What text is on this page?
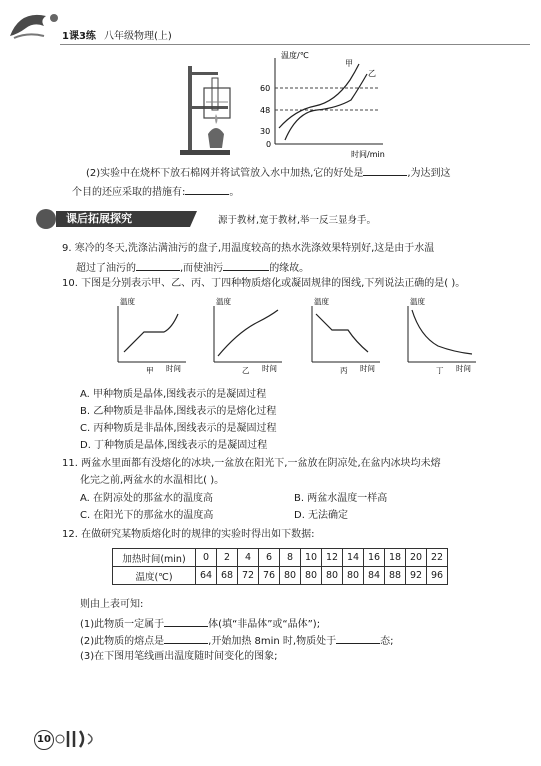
1课3练 八年级物理(上)
温度/℃
60
48
30
0
甲
乙
时间/min
(2)实验中在烧杯下放石棉网并将试管放入水中加热,它的好处是	,为达到这
个目的还应采取的措施有:	。
课后拓展探究	源于教材,宽于教材,举一反三显身手。
9. 寒冷的冬天,洗涤沾满油污的盘子,用温度较高的热水洗涤效果特别好,这是由于水温
超过了油污的	,而使油污	的缘故。
10. 下图是分别表示甲、乙、丙、丁四种物质熔化或凝固规律的图线,下列说法正确的是( )。
温度
时间
甲
温度
时间
乙
温度
时间
丙
温度
时间
丁
A. 甲种物质是晶体,图线表示的是凝固过程
B. 乙种物质是非晶体,图线表示的是熔化过程
C. 丙种物质是非晶体,图线表示的是凝固过程
D. 丁种物质是晶体,图线表示的是凝固过程
11. 两盆水里面都有没熔化的冰块,一盆放在阳光下,一盆放在阴凉处,在盆内冰块均未熔
化完之前,两盆水的水温相比( )。
A. 在阴凉处的那盆水的温度高	B. 两盆水温度一样高
C. 在阳光下的那盆水的温度高	D. 无法确定
12. 在做研究某物质熔化时的规律的实验时得出如下数据:
加热时间(min)	0	2	4	6	8	10	12	14	16	18	20	22
温度(℃)	64	68	72	76	80	80	80	80	84	88	92	96
则由上表可知:
(1)此物质一定属于	体(填“非晶体”或“晶体”);
(2)此物质的熔点是	,开始加热 8min 时,物质处于	态;
(3)在下图用笔线画出温度随时间变化的图象;
10
